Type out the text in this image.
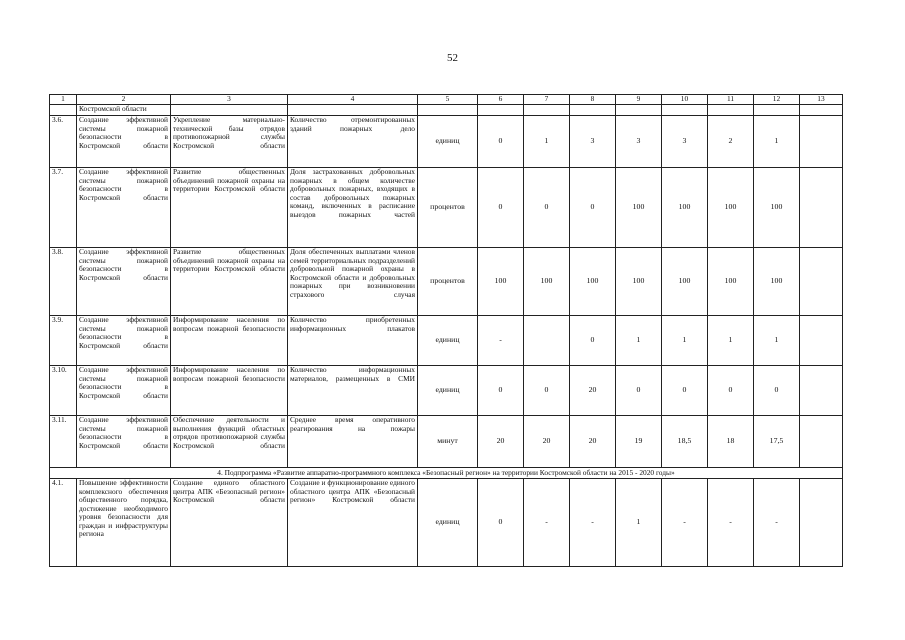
52
1	2	3	4	5	6	7	8	9	10	11	12	13
	Костромской области											
3.6.	Создание эффективной системы пожарной безопасности в Костромской области	Укрепление материально-технической базы отрядов противопожарной службы Костромской области	Количество отремонтированных зданий пожарных дело	единиц	0	1	3	3	3	2	1	
3.7.	Создание эффективной системы пожарной безопасности в Костромской области	Развитие общественных объединений пожарной охраны на территории Костромской области	Доля застрахованных добровольных пожарных в общем количестве добровольных пожарных, входящих в состав добровольных пожарных команд, включенных в расписание выездов пожарных частей	процентов	0	0	0	100	100	100	100	
3.8.	Создание эффективной системы пожарной безопасности в Костромской области	Развитие общественных объединений пожарной охраны на территории Костромской области	Доля обеспеченных выплатами членов семей территориальных подразделений добровольной пожарной охраны в Костромской области и добровольных пожарных при возникновении страхового случая	процентов	100	100	100	100	100	100	100	
3.9.	Создание эффективной системы пожарной безопасности в Костромской области	Информирование населения по вопросам пожарной безопасности	Количество приобретенных информационных плакатов	единиц	-		0	1	1	1	1	
3.10.	Создание эффективной системы пожарной безопасности в Костромской области	Информирование населения по вопросам пожарной безопасности	Количество информационных материалов, размещенных в СМИ	единиц	0	0	20	0	0	0	0	
3.11.	Создание эффективной системы пожарной безопасности в Костромской области	Обеспечение деятельности и выполнения функций областных отрядов противопожарной службы Костромской области	Среднее время оперативного реагирования на пожары	минут	20	20	20	19	18,5	18	17,5	
4. Подпрограмма «Развитие аппаратно-программного комплекса «Безопасный регион» на территории Костромской области на 2015 - 2020 годы»												
4.1.	Повышение эффективности комплексного обеспечения общественного порядка, достижение необходимого уровня безопасности для граждан и инфраструктуры региона	Создание единого областного центра АПК «Безопасный регион» Костромской области	Создание и функционирование единого областного центра АПК «Безопасный регион» Костромской области	единиц	0	-	-	1	-	-	-	
